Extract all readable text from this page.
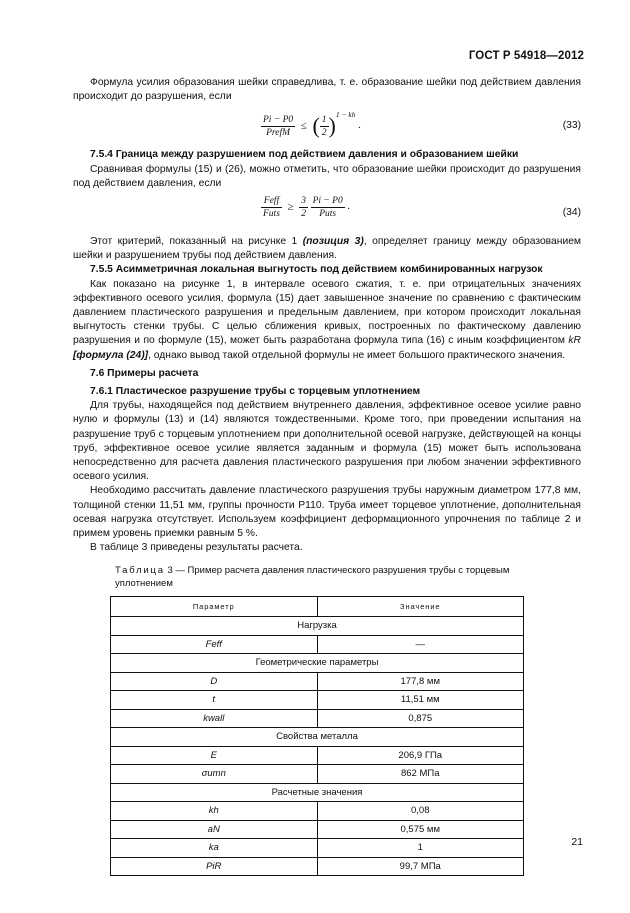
ГОСТ Р 54918—2012

Формула усилия образования шейки справедлива, т. е. образование шейки под действием давления происходит до разрушения, если

$\frac{Pi - P0}{\text{PrefM}}$ ≤ ( $\frac{1}{2} )^{1 - kh}$ .	(33)

7.5.4 Граница между разрушением под действием давления и образованием шейки

Сравнивая формулы (15) и (26), можно отметить, что образование шейки происходит до разрушения под действием давления, если

$\frac{\text{Feff}}{\text{Futs}} \ge \frac{3}{2}$
$\frac{Pi - P0}{\text{Puts}}$ .
(34)

Этот критерий, показанный на рисунке 1 (позиция 3), определяет границу между образованием шейки и разрушением трубы под действием давления.

7.5.5 Асимметричная локальная выгнутость под действием комбинированных нагрузок

Как показано на рисунке 1, в интервале осевого сжатия, т. е. при отрицательных значениях эффективного осевого усилия, формула (15) дает завышенное значение по сравнению с фактическим давлением пластического разрушения и предельным давлением, при котором происходит локальная выгнутость стенки трубы. С целью сближения кривых, построенных по фактическому давлению разрушения и по формуле (15), может быть разработана формула типа (16) с иным коэффициентом kR [формула (24)], однако вывод такой отдельной формулы не имеет большого практического значения.

7.6 Примеры расчета

7.6.1 Пластическое разрушение трубы с торцевым уплотнением

Для трубы, находящейся под действием внутреннего давления, эффективное осевое усилие равно нулю и формулы (13) и (14) являются тождественными. Кроме того, при проведении испытания на разрушение труб с торцевым уплотнением при дополнительной осевой нагрузке, действующей на концы труб, эффективное осевое усилие является заданным и формула (15) может быть использована непосредственно для расчета давления пластического разрушения при любом значении эффективного осевого усилия.

Необходимо рассчитать давление пластического разрушения трубы наружным диаметром 177,8 мм, толщиной стенки 11,51 мм, группы прочности P110. Труба имеет торцевое уплотнение, дополнительная осевая нагрузка отсутствует. Используем коэффициент деформационного упрочнения по таблице 2 и примем уровень приемки равным 5 %.

В таблице 3 приведены результаты расчета.

Таблица 3 — Пример расчета давления пластического разрушения трубы с торцевым уплотнением
Параметр	Значение
Нагрузка	
Feff	—
Геометрические параметры	
D	177,8 мм
t	11,51 мм
kwall	0,875
Свойства металла	
E	206,9 ГПа
σuтn	862 МПа
Расчетные значения	
kh	0,08
aN	0,575 мм
ka	1
PiR	99,7 МПа
21
